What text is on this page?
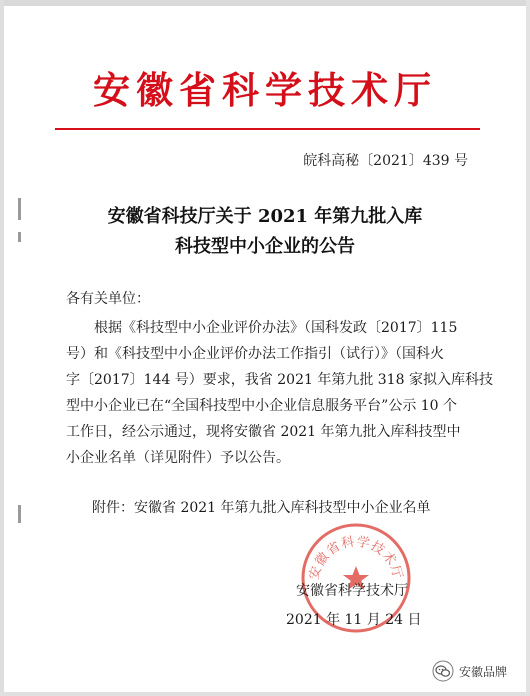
安徽省科学技术厅
皖科高秘〔2021〕439 号
安徽省科技厅关于 2021 年第九批入库
科技型中小企业的公告
各有关单位：
　　根据《科技型中小企业评价办法》（国科发政〔2017〕115
号）和《科技型中小企业评价办法工作指引（试行）》（国科火
字〔2017〕144 号）要求，我省 2021 年第九批 318 家拟入库科技
型中小企业已在“全国科技型中小企业信息服务平台”公示 10 个
工作日，经公示通过，现将安徽省 2021 年第九批入库科技型中
小企业名单（详见附件）予以公告。
附件：安徽省 2021 年第九批入库科技型中小企业名单
安徽省科学技术厅
安徽省科学技术厅
2021 年 11 月 24 日
安徽品牌
